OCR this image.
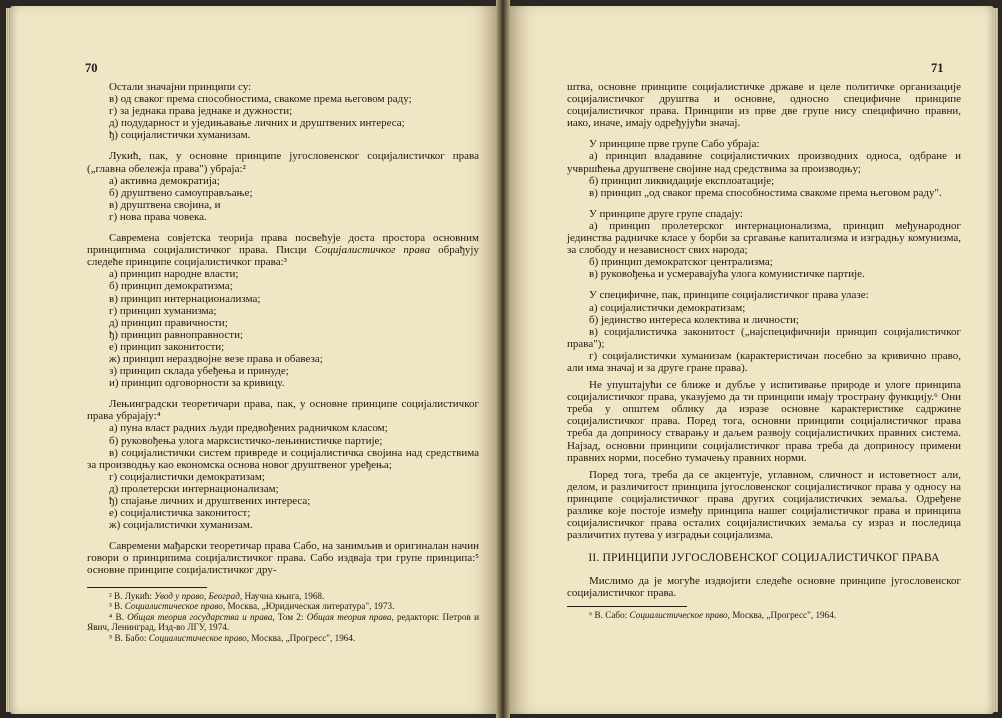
70

Остали значајни принципи су:

в) од сваког према способностима, свакоме према његовом раду;

г) за једнака права једнаке и дужности;

д) подударност и уједињавање личних и друштвених интереса;

ђ) социјалистички хуманизам.

Лукић, пак, у основне принципе југословенског социјалистичког права („главна обележја права") убраја:²

а) активна демократија;

б) друштвено самоуправљање;

в) друштвена својина, и

г) нова права човека.

Савремена совјетска теорија права посвећује доста простора основним принципима социјалистичког права. Писци Социјалистичког права обрађују следеће принципе социјалистичког права:³

а) принцип народне власти;

б) принцип демократизма;

в) принцип интернационализма;

г) принцип хуманизма;

д) принцип правичности;

ђ) принцип равноправности;

е) принцип законитости;

ж) принцип нераздвојне везе права и обавеза;

з) принцип склада убеђења и принуде;

и) принцип одговорности за кривицу.

Лењинградски теоретичари права, пак, у основне принципе социјалистичког права убрајају:⁴

а) пуна власт радних људи предвођених радничком класом;

б) руковођења улога марксистичко-лењинистичке партије;

в) социјалистички систем привреде и социјалистичка својина над средствима за производњу као економска основа новог друштвеног уређења;

г) социјалистички демократизам;

д) пролетерски интернационализам;

ђ) спајање личних и друштвених интереса;

е) социјалистичка законитост;

ж) социјалистички хуманизам.

Савремени мађарски теоретичар права Сабо, на занимљив и оригиналан начин говори о принципима социјалистичког права. Сабо издваја три групе принципа:⁵ основне принципе социјалистичког дру-

² В. Лукић: Увод у право, Београд, Научна књига, 1968.

³ В. Социалистическое право, Москва, „Юридическая литература", 1973.

⁴ В. Общая теория государства и права, Том 2: Общая теория права, редактори: Петров и Явич, Ленинград, Изд-во ЛГУ, 1974.

⁵ В. Бабо: Социалистическое право, Москва, „Прогресс", 1964.

71

штва, основне принципе социјалистичке државе и целе политичке организације социјалистичког друштва и основне, односно специфичне принципе социјалистичког права. Принципи из прве две групе нису специфично правни, иако, иначе, имају одређујући значај.

У принципе прве групе Сабо убраја:

а) принцип владавине социјалистичких производних односа, одбране и учвршћења друштвене својине над средствима за производњу;

б) принцип ликвидације експлоатације;

в) принцип „од сваког према способностима свакоме према његовом раду".

У принципе друге групе спадају:

а) принцип пролетерског интернационализма, принцип међународног јединства радничке класе у борби за сргавање капитализма и изградњу комунизма, за слободу и независност свих народа;

б) принцип демократског централизма;

в) руковођења и усмеравајућа улога комунистичке партије.

У специфичне, пак, принципе социјалистичког права улазе:

а) социјалистички демократизам;

б) јединство интереса колектива и личности;

в) социјалистичка законитост („најспецифичнији принцип социјалистичког права");

г) социјалистички хуманизам (карактеристичан посебно за кривично право, али има значај и за друге гране права).

Не упуштајући се ближе и дубље у испитивање природе и улоге принципа социјалистичког права, указујемо да ти принципи имају тространу функцију.⁶ Они треба у општем облику да изразе основне карактеристике садржине социјалистичког права. Поред тога, основни принципи социјалистичког права треба да доприносу стварању и даљем развоју социјалистичких правних система. Најзад, основни принципи социјалистичког права треба да доприносу примени правних норми, посебно тумачењу правних норми.

Поред тога, треба да се акцентује, углавном, сличност и истоветност али, делом, и различитост принципа југословенског социјалистичког права у односу на принципе социјалистичког права других социјалистичких земаља. Одређене разлике које постоје између принципа нашег социјалистичког права и принципа социјалистичког права осталих социјалистичких земаља су израз и последица различитих путева у изградњи социјализма.

II. ПРИНЦИПИ ЈУГОСЛОВЕНСКОГ СОЦИЈАЛИСТИЧКОГ ПРАВА

Мислимо да је могуће издвојити следеће основне принципе југословенског социјалистичког права.

⁶ В. Сабо: Социалистическое право, Москва, „Прогресс", 1964.
